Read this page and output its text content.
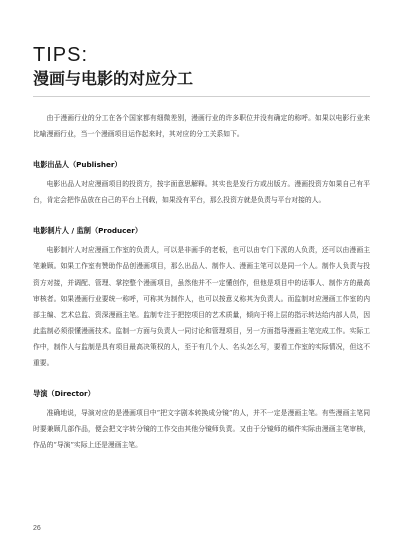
TIPS:
漫画与电影的对应分工

由于漫画行业的分工在各个国家都有细微差别，漫画行业的许多职位并没有确定的称呼。如果以电影行业来比喻漫画行业，当一个漫画项目运作起来时，其对应的分工关系如下。

电影出品人（Publisher）

电影出品人对应漫画项目的投资方，按字面意思解释。其实也是发行方或出版方。漫画投资方如果自己有平台，肯定会把作品放在自己的平台上刊载，如果没有平台，那么投资方就是负责与平台对接的人。

电影制片人 / 监制（Producer）

电影制片人对应漫画工作室的负责人，可以是非画手的老板，也可以由专门下派的人负责，还可以由漫画主笔兼顾。如果工作室有赞助作品创漫画项目，那么出品人、制作人、漫画主笔可以是同一个人。制作人负责与投资方对接，并调配、管理、掌控整个漫画项目，虽然他并不一定懂创作，但他是项目中的话事人、制作方的最高审核者。如果漫画行业要统一称呼，可称其为制作人，也可以按意义称其为负责人。而监制对应漫画工作室的内部主编、艺术总监、资深漫画主笔。监制专注于把控项目的艺术质量，倾向于将上层的指示转达给内部人员，因此监制必须很懂漫画技术。监制一方面与负责人一同讨论和管理项目，另一方面指导漫画主笔完成工作。实际工作中，制作人与监制是具有项目最高决策权的人，至于有几个人、名头怎么写，要看工作室的实际情况，但这不重要。

导演（Director）

准确地说，导演对应的是漫画项目中“把文字剧本转换成分镜”的人，并不一定是漫画主笔。有些漫画主笔同时要兼顾几部作品，便会把文字转分镜的工作交由其他分镜师负责。又由于分镜师的稿件实际由漫画主笔审核，作品的“导演”实际上还是漫画主笔。

26
